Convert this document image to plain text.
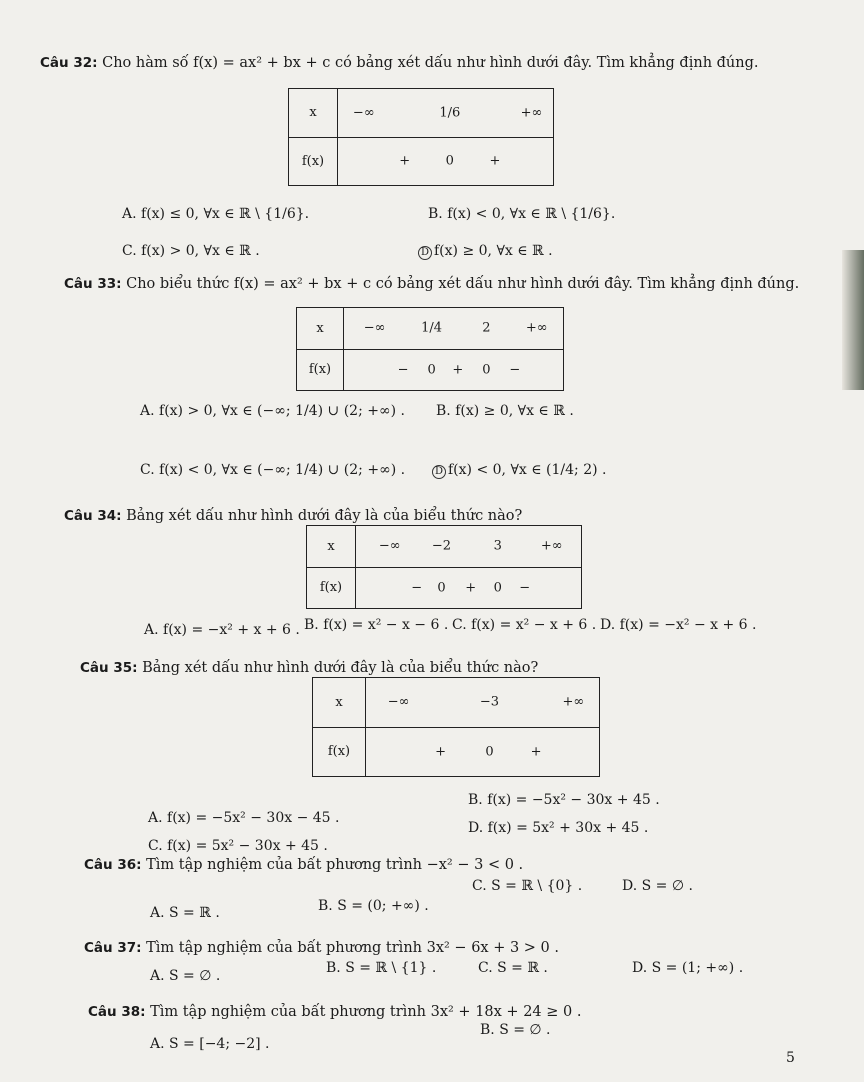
Câu 32: Cho hàm số f(x) = ax² + bx + c có bảng xét dấu như hình dưới đây. Tìm khẳng định đúng.
x	−∞ 1/6 +∞

f(x)	+ 0 +
A. f(x) ≤ 0, ∀x ∈ ℝ \ {1/6}.	B. f(x) < 0, ∀x ∈ ℝ \ {1/6}.
C. f(x) > 0, ∀x ∈ ℝ .	D f(x) ≥ 0, ∀x ∈ ℝ .
Câu 33: Cho biểu thức f(x) = ax² + bx + c có bảng xét dấu như hình dưới đây. Tìm khẳng định đúng.
x	−∞ 1/4 2 +∞

f(x)	− 0 + 0 −
A. f(x) > 0, ∀x ∈ (−∞; 1/4) ∪ (2; +∞) . B. f(x) ≥ 0, ∀x ∈ ℝ .
C. f(x) < 0, ∀x ∈ (−∞; 1/4) ∪ (2; +∞) .	D f(x) < 0, ∀x ∈ (1/4; 2) .
Câu 34: Bảng xét dấu như hình dưới đây là của biểu thức nào?
x	−∞ −2 3 +∞

f(x)	− 0 + 0 −
A. f(x) = −x² + x + 6 . B. f(x) = x² − x − 6 . C. f(x) = x² − x + 6 . D. f(x) = −x² − x + 6 .
Câu 35: Bảng xét dấu như hình dưới đây là của biểu thức nào?
x	−∞ −3 +∞

f(x)	+ 0 +
A. f(x) = −5x² − 30x − 45 .
B. f(x) = −5x² − 30x + 45 .
C. f(x) = 5x² − 30x + 45 .
D. f(x) = 5x² + 30x + 45 .
Câu 36: Tìm tập nghiệm của bất phương trình −x² − 3 < 0 .
A. S = ℝ .	B. S = (0; +∞) .
C. S = ℝ \ {0} .	D. S = ∅ .
Câu 37: Tìm tập nghiệm của bất phương trình 3x² − 6x + 3 > 0 .
A. S = ∅ .	B. S = ℝ \ {1} .	C. S = ℝ .	D. S = (1; +∞) .
Câu 38: Tìm tập nghiệm của bất phương trình 3x² + 18x + 24 ≥ 0 .
A. S = [−4; −2] .
B. S = ∅ .
5
